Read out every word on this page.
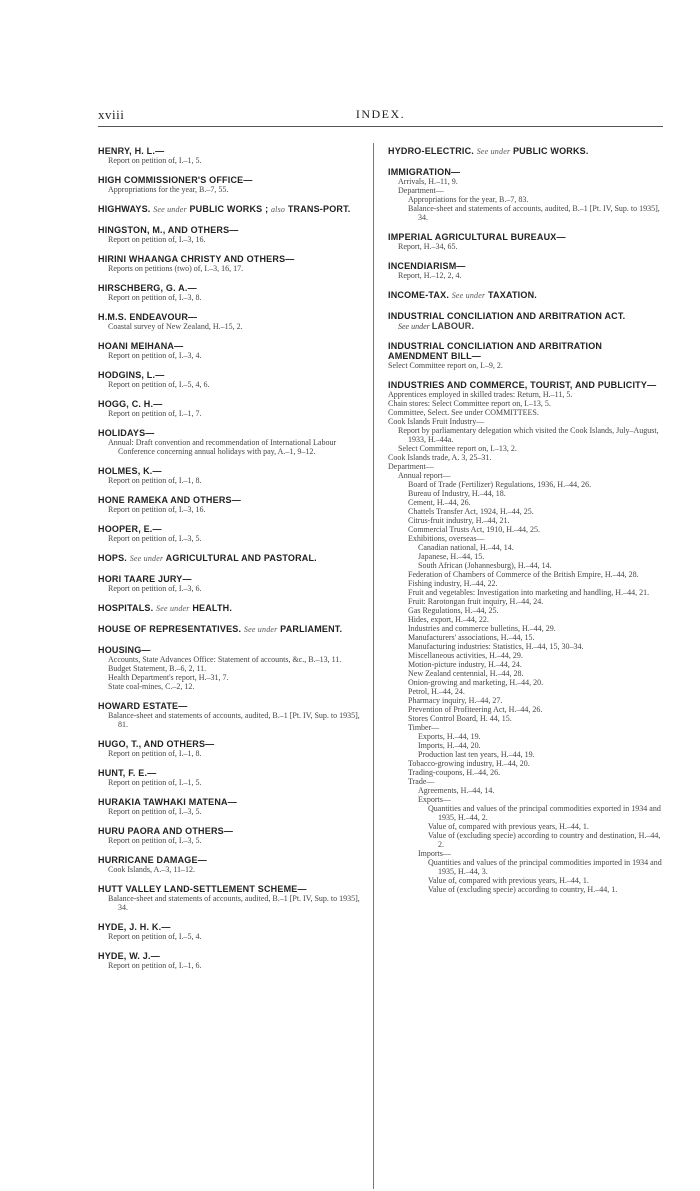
xviii	INDEX.
HENRY, H. L.—
Report on petition of, I.–1, 5.
HIGH COMMISSIONER'S OFFICE—
Appropriations for the year, B.–7, 55.
HIGHWAYS. See under PUBLIC WORKS ; also TRANS-PORT.
HINGSTON, M., AND OTHERS—
Report on petition of, I.–3, 16.
HIRINI WHAANGA CHRISTY AND OTHERS—
Reports on petitions (two) of, I.–3, 16, 17.
HIRSCHBERG, G. A.—
Report on petition of, I.–3, 8.
H.M.S. ENDEAVOUR—
Coastal survey of New Zealand, H.–15, 2.
HOANI MEIHANA—
Report on petition of, I.–3, 4.
HODGINS, L.—
Report on petition of, I.–5, 4, 6.
HOGG, C. H.—
Report on petition of, I.–1, 7.
HOLIDAYS—
Annual: Draft convention and recommendation of International Labour Conference concerning annual holidays with pay, A.–1, 9–12.
HOLMES, K.—
Report on petition of, I.–1, 8.
HONE RAMEKA AND OTHERS—
Report on petition of, I.–3, 16.
HOOPER, E.—
Report on petition of, I.–3, 5.
HOPS. See under AGRICULTURAL AND PASTORAL.
HORI TAARE JURY—
Report on petition of, I.–3, 6.
HOSPITALS. See under HEALTH.
HOUSE OF REPRESENTATIVES. See under PARLIAMENT.
HOUSING—
Accounts, State Advances Office: Statement of accounts, &c., B.–13, 11.
Budget Statement, B.–6, 2, 11.
Health Department's report, H.–31, 7.
State coal-mines, C.–2, 12.
HOWARD ESTATE—
Balance-sheet and statements of accounts, audited, B.–1 [Pt. IV, Sup. to 1935], 81.
HUGO, T., AND OTHERS—
Report on petition of, I.–1, 8.
HUNT, F. E.—
Report on petition of, I.–1, 5.
HURAKIA TAWHAKI MATENA—
Report on petition of, I.–3, 5.
HURU PAORA AND OTHERS—
Report on petition of, I.–3, 5.
HURRICANE DAMAGE—
Cook Islands, A.–3, 11–12.
HUTT VALLEY LAND-SETTLEMENT SCHEME—
Balance-sheet and statements of accounts, audited, B.–1 [Pt. IV, Sup. to 1935], 34.
HYDE, J. H. K.—
Report on petition of, I.–5, 4.
HYDE, W. J.—
Report on petition of, I.–1, 6.
HYDRO-ELECTRIC. See under PUBLIC WORKS.
IMMIGRATION—
Arrivals, H.–11, 9.
Department—
Appropriations for the year, B.–7, 83.
Balance-sheet and statements of accounts, audited, B.–1 [Pt. IV, Sup. to 1935], 34.
IMPERIAL AGRICULTURAL BUREAUX—
Report, H.–34, 65.
INCENDIARISM—
Report, H.–12, 2, 4.
INCOME-TAX. See under TAXATION.
INDUSTRIAL CONCILIATION AND ARBITRATION ACT.
See under LABOUR.
INDUSTRIAL CONCILIATION AND ARBITRATION AMENDMENT BILL—
Select Committee report on, I.–9, 2.
INDUSTRIES AND COMMERCE, TOURIST, AND PUBLICITY—
Apprentices employed in skilled trades: Return, H.–11, 5.
Chain stores: Select Committee report on, I.–13, 5.
Committee, Select. See under COMMITTEES.
Cook Islands Fruit Industry—
Report by parliamentary delegation which visited the Cook Islands, July–August, 1933, H.–44a.
Select Committee report on, I.–13, 2.
Cook Islands trade, A. 3, 25–31.
Department—
Annual report—
Board of Trade (Fertilizer) Regulations, 1936, H.–44, 26.
Bureau of Industry, H.–44, 18.
Cement, H.–44, 26.
Chattels Transfer Act, 1924, H.–44, 25.
Citrus-fruit industry, H.–44, 21.
Commercial Trusts Act, 1910, H.–44, 25.
Exhibitions, overseas—
Canadian national, H.–44, 14.
Japanese, H.–44, 15.
South African (Johannesburg), H.–44, 14.
Federation of Chambers of Commerce of the British Empire, H.–44, 28.
Fishing industry, H.–44, 22.
Fruit and vegetables: Investigation into marketing and handling, H.–44, 21.
Fruit: Rarotongan fruit inquiry, H.–44, 24.
Gas Regulations, H.–44, 25.
Hides, export, H.–44, 22.
Industries and commerce bulletins, H.–44, 29.
Manufacturers' associations, H.–44, 15.
Manufacturing industries: Statistics, H.–44, 15, 30–34.
Miscellaneous activities, H.–44, 29.
Motion-picture industry, H.–44, 24.
New Zealand centennial, H.–44, 28.
Onion-growing and marketing, H.–44, 20.
Petrol, H.–44, 24.
Pharmacy inquiry, H.–44, 27.
Prevention of Profiteering Act, H.–44, 26.
Stores Control Board, H. 44, 15.
Timber—
Exports, H.–44, 19.
Imports, H.–44, 20.
Production last ten years, H.–44, 19.
Tobacco-growing industry, H.–44, 20.
Trading-coupons, H.–44, 26.
Trade—
Agreements, H.–44, 14.
Exports—
Quantities and values of the principal commodities exported in 1934 and 1935, H.–44, 2.
Value of, compared with previous years, H.–44, 1.
Value of (excluding specie) according to country and destination, H.–44, 2.
Imports—
Quantities and values of the principal commodities imported in 1934 and 1935, H.–44, 3.
Value of, compared with previous years, H.–44, 1.
Value of (excluding specie) according to country, H.–44, 1.
